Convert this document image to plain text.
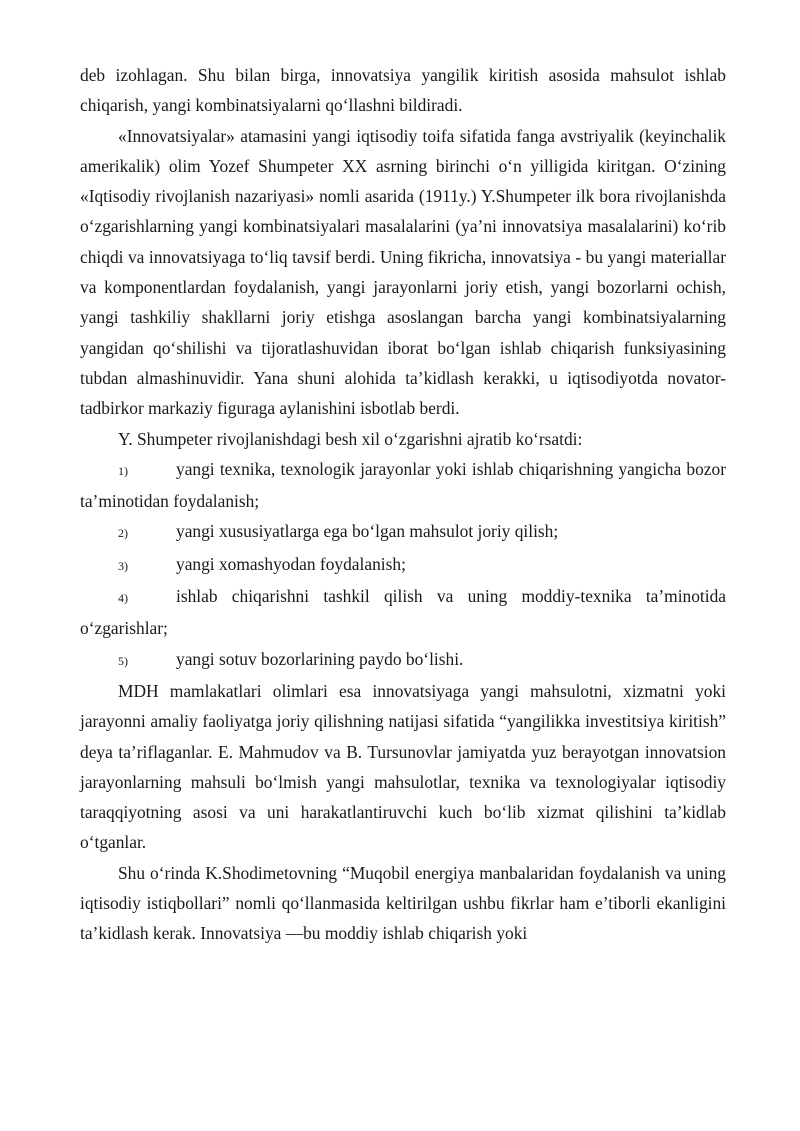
deb izohlagan. Shu bilan birga, innovatsiya yangilik kiritish asosida mahsulot ishlab chiqarish, yangi kombinatsiyalarni qo‘llashni bildiradi.

«Innovatsiyalar» atamasini yangi iqtisodiy toifa sifatida fanga avstriyalik (keyinchalik amerikalik) olim Yozef Shumpeter XX asrning birinchi o‘n yilligida kiritgan. O‘zining «Iqtisodiy rivojlanish nazariyasi» nomli asarida (1911y.) Y.Shumpeter ilk bora rivojlanishda o‘zgarishlarning yangi kombinatsiyalari masalalarini (ya’ni innovatsiya masalalarini) ko‘rib chiqdi va innovatsiyaga to‘liq tavsif berdi. Uning fikricha, innovatsiya - bu yangi materiallar va komponentlardan foydalanish, yangi jarayonlarni joriy etish, yangi bozorlarni ochish, yangi tashkiliy shakllarni joriy etishga asoslangan barcha yangi kombinatsiyalarning yangidan qo‘shilishi va tijoratlashuvidan iborat bo‘lgan ishlab chiqarish funksiyasining tubdan almashinuvidir. Yana shuni alohida ta’kidlash kerakki, u iqtisodiyotda novator-tadbirkor markaziy figuraga aylanishini isbotlab berdi.

Y. Shumpeter rivojlanishdagi besh xil o‘zgarishni ajratib ko‘rsatdi:

1)	yangi texnika, texnologik jarayonlar yoki ishlab chiqarishning yangicha bozor ta’minotidan foydalanish;

2)	yangi xususiyatlarga ega bo‘lgan mahsulot joriy qilish;

3)	yangi xomashyodan foydalanish;

4)	ishlab chiqarishni tashkil qilish va uning moddiy-texnika ta’minotida o‘zgarishlar;

5)	yangi sotuv bozorlarining paydo bo‘lishi.

MDH mamlakatlari olimlari esa innovatsiyaga yangi mahsulotni, xizmatni yoki jarayonni amaliy faoliyatga joriy qilishning natijasi sifatida “yangilikka investitsiya kiritish” deya ta’riflaganlar. E. Mahmudov va B. Tursunovlar jamiyatda yuz berayotgan innovatsion jarayonlarning mahsuli bo‘lmish yangi mahsulotlar, texnika va texnologiyalar iqtisodiy taraqqiyotning asosi va uni harakatlantiruvchi kuch bo‘lib xizmat qilishini ta’kidlab o‘tganlar.

Shu o‘rinda K.Shodimetovning “Muqobil energiya manbalaridan foydalanish va uning iqtisodiy istiqbollari” nomli qo‘llanmasida keltirilgan ushbu fikrlar ham e’tiborli ekanligini ta’kidlash kerak. Innovatsiya —bu moddiy ishlab chiqarish yoki
